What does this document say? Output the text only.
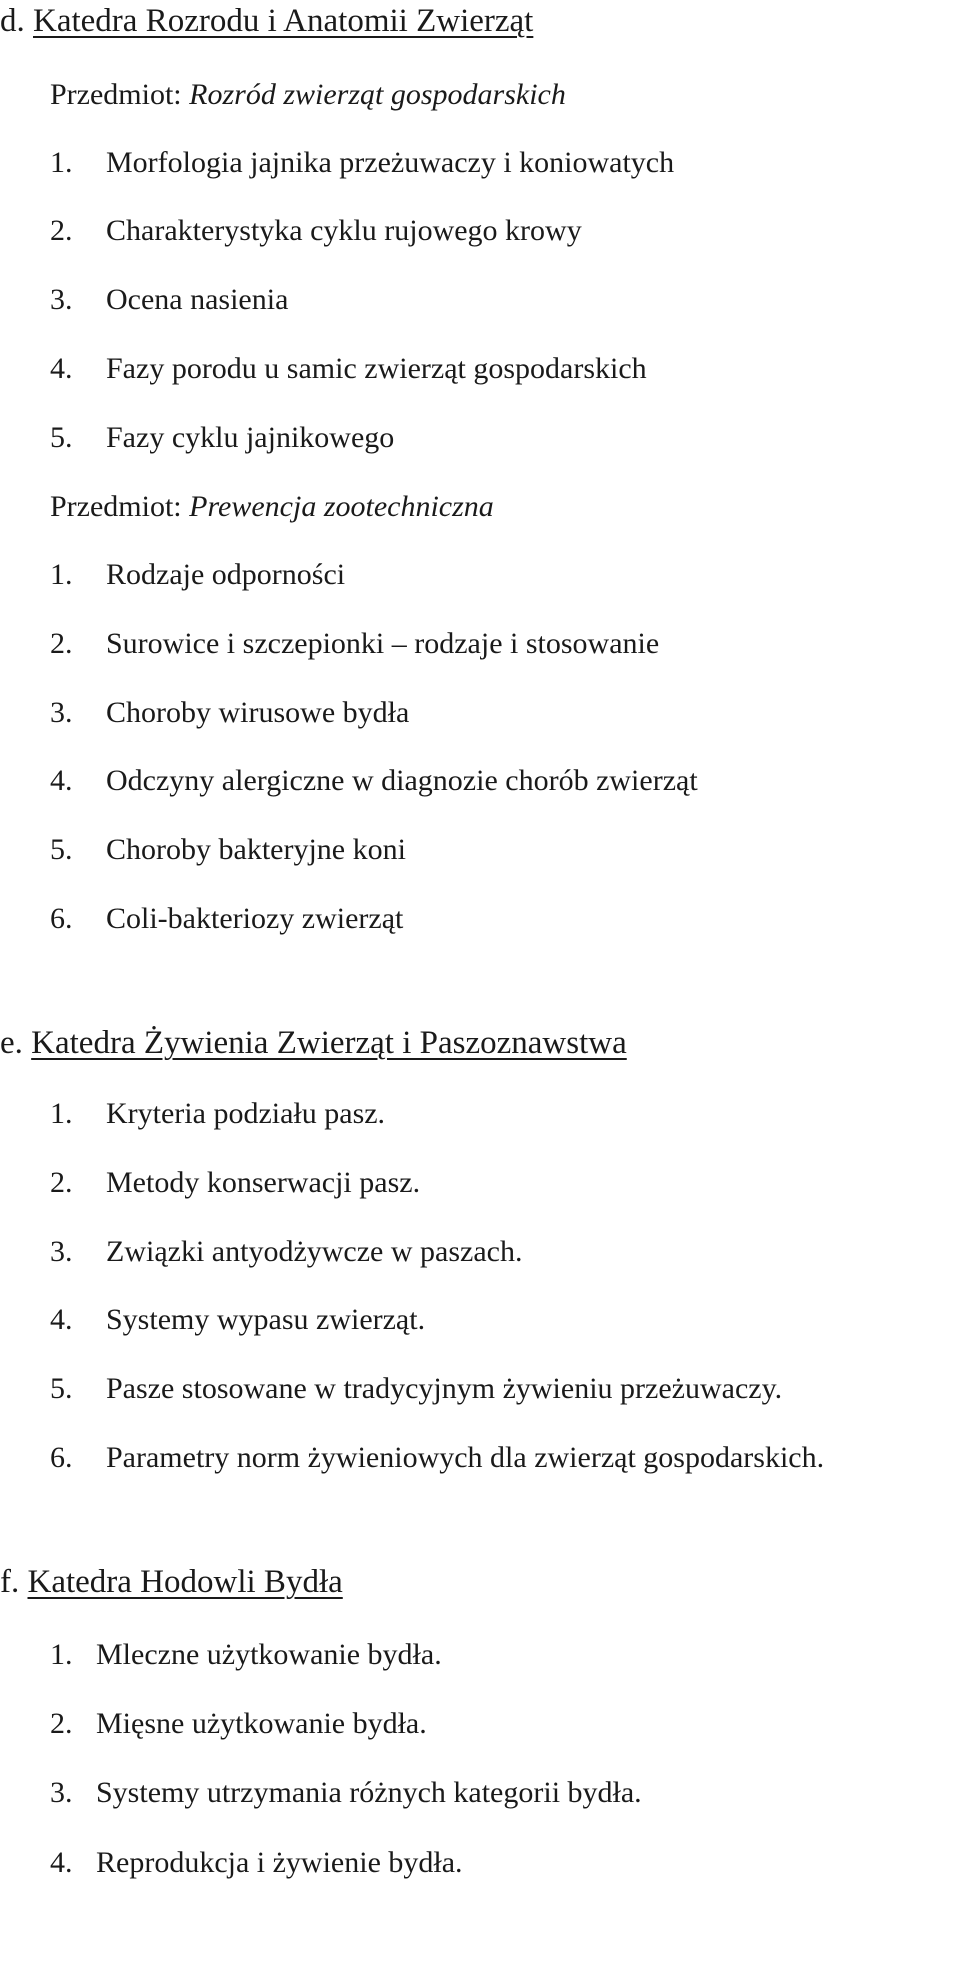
d. Katedra Rozrodu i Anatomii Zwierząt
Przedmiot: Rozród zwierząt gospodarskich
1. Morfologia jajnika przeżuwaczy i koniowatych
2. Charakterystyka cyklu rujowego krowy
3. Ocena nasienia
4. Fazy porodu u samic zwierząt gospodarskich
5. Fazy cyklu jajnikowego
Przedmiot: Prewencja zootechniczna
1. Rodzaje odporności
2. Surowice i szczepionki – rodzaje i stosowanie
3. Choroby wirusowe bydła
4. Odczyny alergiczne w diagnozie chorób zwierząt
5. Choroby bakteryjne koni
6. Coli-bakteriozy zwierząt
e. Katedra Żywienia Zwierząt i Paszoznawstwa
1. Kryteria podziału pasz.
2. Metody konserwacji pasz.
3. Związki antyodżywcze w paszach.
4. Systemy wypasu zwierząt.
5. Pasze stosowane w tradycyjnym żywieniu przeżuwaczy.
6. Parametry norm żywieniowych dla zwierząt gospodarskich.
f. Katedra Hodowli Bydła
1. Mleczne użytkowanie bydła.
2. Mięsne użytkowanie bydła.
3. Systemy utrzymania różnych kategorii bydła.
4. Reprodukcja i żywienie bydła.
